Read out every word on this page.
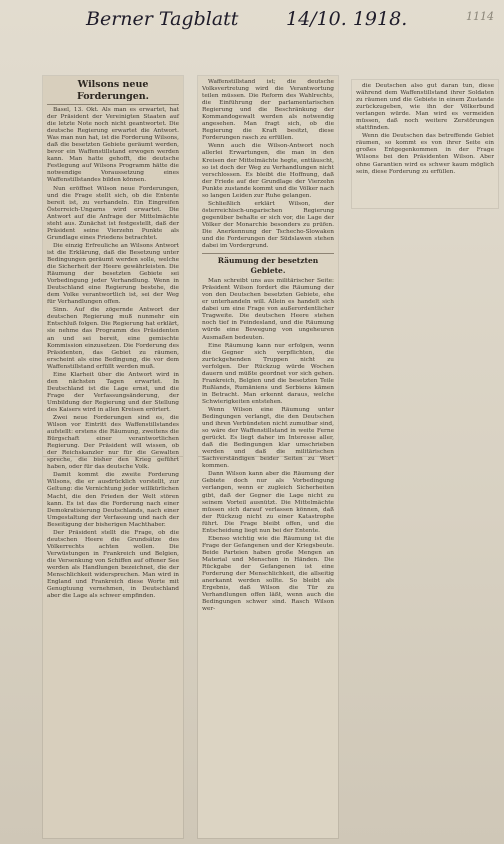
Berner Tagblatt	14/10. 1918.	1114
Wilsons neue Forderungen.

Basel, 13. Okt. Als man es erwartet, hat der Präsident der Vereinigten Staaten auf die letzte Note noch nicht geantwortet. Die deutsche Regierung erwartet die Antwort. Was man nun hat, ist die Forderung Wilsons, daß die besetzten Gebiete geräumt werden, bevor ein Waffenstillstand erwogen werden kann. Man hatte gehofft, die deutsche Festlegung auf Wilsons Programm hätte die notwendige Voraussetzung eines Waffenstillstandes bilden können.

Nun eröffnet Wilson neue Forderungen, und die Frage stellt sich, ob die Entente bereit ist, zu verhandeln. Ein Eingreifen Österreich-Ungarns wird erwartet. Die Antwort auf die Anfrage der Mittelmächte steht aus. Zunächst ist festgestellt, daß der Präsident seine Vierzehn Punkte als Grundlage eines Friedens betrachtet.

Die einzig Erfreuliche an Wilsons Antwort ist die Erklärung, daß die Besetzung unter Bedingungen geräumt werden solle, welche die Sicherheit der Heere gewährleisten. Die Räumung der besetzten Gebiete sei Vorbedingung jeder Verhandlung. Wenn in Deutschland eine Regierung bestehe, die dem Volke verantwortlich ist, sei der Weg für Verhandlungen offen.

Sinn. Auf die zögernde Antwort der deutschen Regierung muß nunmehr ein Entschluß folgen. Die Regierung hat erklärt, sie nehme das Programm des Präsidenten an und sei bereit, eine gemischte Kommission einzusetzen. Die Forderung des Präsidenten, das Gebiet zu räumen, erscheint als eine Bedingung, die vor dem Waffenstillstand erfüllt werden muß.

Eine Klarheit über die Antwort wird in den nächsten Tagen erwartet. In Deutschland ist die Lage ernst, und die Frage der Verfassungsänderung, der Umbildung der Regierung und der Stellung des Kaisers wird in allen Kreisen erörtert.

Zwei neue Forderungen sind es, die Wilson vor Eintritt des Waffenstillstandes aufstellt: erstens die Räumung, zweitens die Bürgschaft einer verantwortlichen Regierung. Der Präsident will wissen, ob der Reichskanzler nur für die Gewalten spreche, die bisher den Krieg geführt haben, oder für das deutsche Volk.

Damit kommt die zweite Forderung Wilsons, die er ausdrücklich vorstellt, zur Geltung: die Vernichtung jeder willkürlichen Macht, die den Frieden der Welt stören kann. Es ist das die Forderung nach einer Demokratisierung Deutschlands, nach einer Umgestaltung der Verfassung und nach der Beseitigung der bisherigen Machthaber.

Der Präsident stellt die Frage, ob die deutschen Heere die Grundsätze des Völkerrechts achten wollen. Die Verwüstungen in Frankreich und Belgien, die Versenkung von Schiffen auf offener See werden als Handlungen bezeichnet, die der Menschlichkeit widersprechen. Man wird in England und Frankreich diese Worte mit Genugtuung vernehmen, in Deutschland aber die Lage als schwer empfinden.

Waffenstillstand ist; die deutsche Volksvertretung wird die Verantwortung teilen müssen. Die Reform des Wahlrechts, die Einführung der parlamentarischen Regierung und die Beschränkung der Kommandogewalt werden als notwendig angesehen. Man fragt sich, ob die Regierung die Kraft besitzt, diese Forderungen rasch zu erfüllen.

Wenn auch die Wilson-Antwort noch allerlei Erwartungen, die man in den Kreisen der Mittelmächte hegte, enttäuscht, so ist doch der Weg zu Verhandlungen nicht verschlossen. Es bleibt die Hoffnung, daß der Friede auf der Grundlage der Vierzehn Punkte zustande kommt und die Völker nach so langen Leiden zur Ruhe gelangen.

Schließlich erklärt Wilson, der österreichisch-ungarischen Regierung gegenüber behalte er sich vor, die Lage der Völker der Monarchie besonders zu prüfen. Die Anerkennung der Tschecho-Slowaken und die Forderungen der Südslawen stehen dabei im Vordergrund.

Räumung der besetzten Gebiete.

Man schreibt uns aus militärischer Seite: Präsident Wilson fordert die Räumung der von den Deutschen besetzten Gebiete, ehe er unterhandeln will. Allein es handelt sich dabei um eine Frage von außerordentlicher Tragweite. Die deutschen Heere stehen noch tief in Feindesland, und die Räumung würde eine Bewegung von ungeheuren Ausmaßen bedeuten.

Eine Räumung kann nur erfolgen, wenn die Gegner sich verpflichten, die zurückgehenden Truppen nicht zu verfolgen. Der Rückzug würde Wochen dauern und müßte geordnet vor sich gehen. Frankreich, Belgien und die besetzten Teile Rußlands, Rumäniens und Serbiens kämen in Betracht. Man erkennt daraus, welche Schwierigkeiten entstehen.

Wenn Wilson eine Räumung unter Bedingungen verlangt, die den Deutschen und ihren Verbündeten nicht zumutbar sind, so wäre der Waffenstillstand in weite Ferne gerückt. Es liegt daher im Interesse aller, daß die Bedingungen klar umschrieben werden und daß die militärischen Sachverständigen beider Seiten zu Wort kommen.

Dann Wilson kann aber die Räumung der Gebiete doch nur als Vorbedingung verlangen, wenn er zugleich Sicherheiten gibt, daß der Gegner die Lage nicht zu seinem Vorteil ausnützt. Die Mittelmächte müssen sich darauf verlassen können, daß der Rückzug nicht zu einer Katastrophe führt. Die Frage bleibt offen, und die Entscheidung liegt nun bei der Entente.

Ebenso wichtig wie die Räumung ist die Frage der Gefangenen und der Kriegsbeute. Beide Parteien haben große Mengen an Material und Menschen in Händen. Die Rückgabe der Gefangenen ist eine Forderung der Menschlichkeit, die allseitig anerkannt werden sollte. So bleibt als Ergebnis, daß Wilson die Tür zu Verhandlungen offen läßt, wenn auch die Bedingungen schwer sind. Rasch Wilson wer-

die Deutschen also gut daran tun, diese während dem Waffenstillstand ihrer Soldaten zu räumen und die Gebiete in einem Zustande zurückzugeben, wie ihn der Völkerbund verlangen würde. Man wird es vermeiden müssen, daß noch weitere Zerstörungen stattfinden.

Wenn die Deutschen das betreffende Gebiet räumen, so kommt es von ihrer Seite ein großes Entgegenkommen in der Frage Wilsons bei den Präsidenten Wilson. Aber ohne Garantien wird es schwer kaum möglich sein, diese Forderung zu erfüllen.
